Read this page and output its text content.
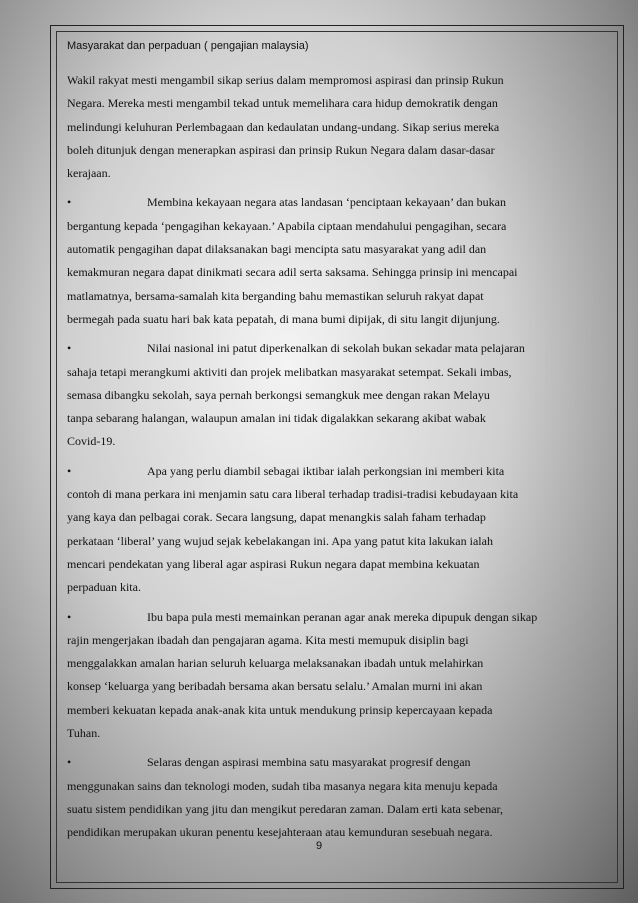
Masyarakat dan perpaduan ( pengajian malaysia)
Wakil rakyat mesti mengambil sikap serius dalam mempromosi aspirasi dan prinsip Rukun
Negara. Mereka mesti mengambil tekad untuk memelihara cara hidup demokratik dengan
melindungi keluhuran Perlembagaan dan kedaulatan undang-undang. Sikap serius mereka
boleh ditunjuk dengan menerapkan aspirasi dan prinsip Rukun Negara dalam dasar-dasar
kerajaan.
•	Membina kekayaan negara atas landasan ‘penciptaan kekayaan’ dan bukan
bergantung kepada ‘pengagihan kekayaan.’ Apabila ciptaan mendahului pengagihan, secara
automatik pengagihan dapat dilaksanakan bagi mencipta satu masyarakat yang adil dan
kemakmuran negara dapat dinikmati secara adil serta saksama. Sehingga prinsip ini mencapai
matlamatnya, bersama-samalah kita berganding bahu memastikan seluruh rakyat dapat
bermegah pada suatu hari bak kata pepatah, di mana bumi dipijak, di situ langit dijunjung.
•	Nilai nasional ini patut diperkenalkan di sekolah bukan sekadar mata pelajaran
sahaja tetapi merangkumi aktiviti dan projek melibatkan masyarakat setempat. Sekali imbas,
semasa dibangku sekolah, saya pernah berkongsi semangkuk mee dengan rakan Melayu
tanpa sebarang halangan, walaupun amalan ini tidak digalakkan sekarang akibat wabak
Covid-19.
•	Apa yang perlu diambil sebagai iktibar ialah perkongsian ini memberi kita
contoh di mana perkara ini menjamin satu cara liberal terhadap tradisi-tradisi kebudayaan kita
yang kaya dan pelbagai corak. Secara langsung, dapat menangkis salah faham terhadap
perkataan ‘liberal’ yang wujud sejak kebelakangan ini. Apa yang patut kita lakukan ialah
mencari pendekatan yang liberal agar aspirasi Rukun negara dapat membina kekuatan
perpaduan kita.
•	Ibu bapa pula mesti memainkan peranan agar anak mereka dipupuk dengan sikap
rajin mengerjakan ibadah dan pengajaran agama. Kita mesti memupuk disiplin bagi
menggalakkan amalan harian seluruh keluarga melaksanakan ibadah untuk melahirkan
konsep ‘keluarga yang beribadah bersama akan bersatu selalu.’ Amalan murni ini akan
memberi kekuatan kepada anak-anak kita untuk mendukung prinsip kepercayaan kepada
Tuhan.
•	Selaras dengan aspirasi membina satu masyarakat progresif dengan
menggunakan sains dan teknologi moden, sudah tiba masanya negara kita menuju kepada
suatu sistem pendidikan yang jitu dan mengikut peredaran zaman. Dalam erti kata sebenar,
pendidikan merupakan ukuran penentu kesejahteraan atau kemunduran sesebuah negara.
9
